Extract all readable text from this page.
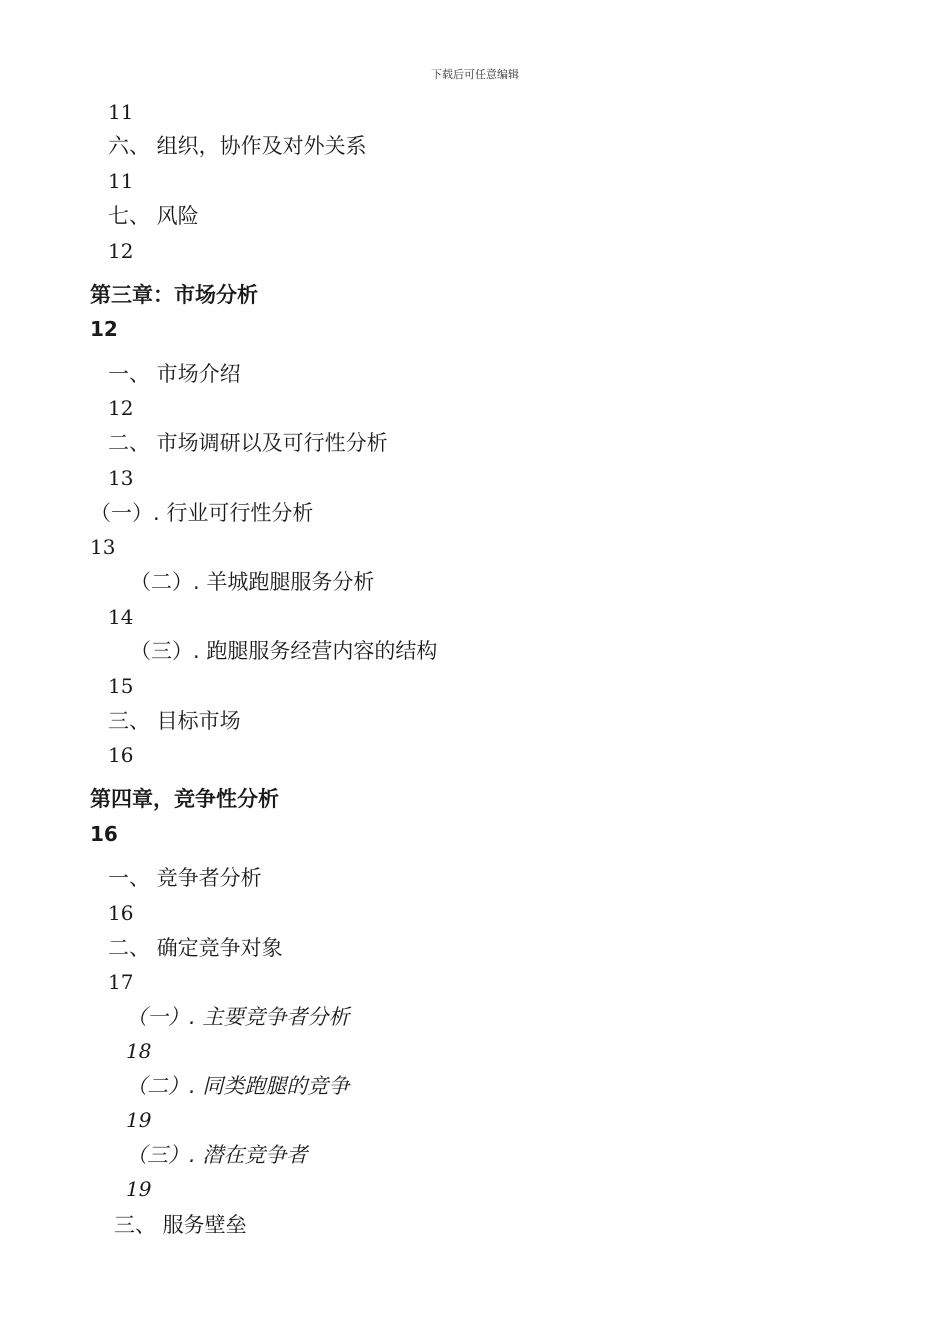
下载后可任意编辑
11
六、 组织，协作及对外关系
11
七、 风险
12
第三章：市场分析
12
一、 市场介绍
12
二、 市场调研以及可行性分析
13
（一）. 行业可行性分析
13
（二）. 羊城跑腿服务分析
14
（三）. 跑腿服务经营内容的结构
15
三、 目标市场
16
第四章，竞争性分析
16
一、 竞争者分析
16
二、 确定竞争对象
17
（一）. 主要竞争者分析
18
（二）. 同类跑腿的竞争
19
（三）. 潜在竞争者
19
三、 服务壁垒
